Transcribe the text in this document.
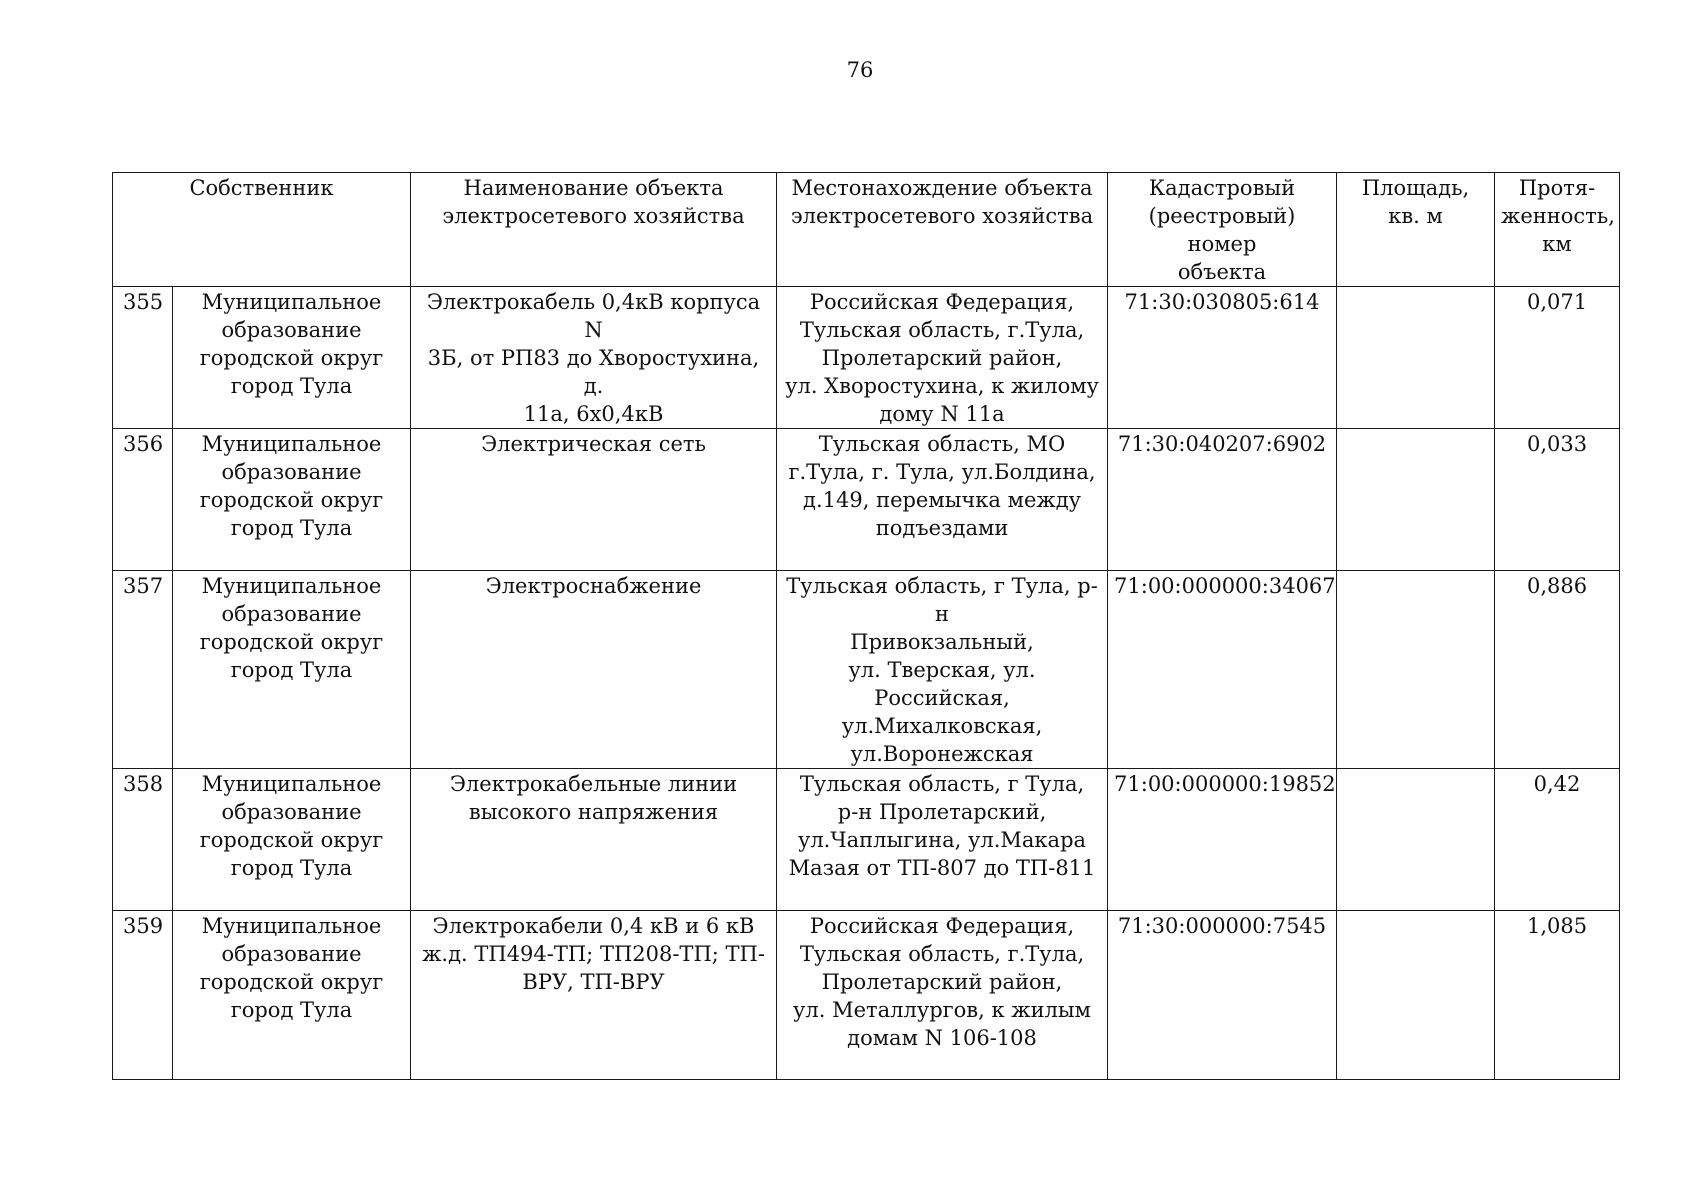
76
Собственник		Наименование объекта
электросетевого хозяйства	Местонахождение объекта
электросетевого хозяйства	Кадастровый
(реестровый) номер
объекта	Площадь,
кв. м	Протя-
женность,
км
355	Муниципальное
образование
городской округ
город Тула	Электрокабель 0,4кВ корпуса N
3Б, от РП83 до Хворостухина, д.
11а, 6х0,4кВ	Российская Федерация,
Тульская область, г.Тула,
Пролетарский район,
ул. Хворостухина, к жилому
дому N 11а	71:30:030805:614		0,071
356	Муниципальное
образование
городской округ
город Тула	Электрическая сеть	Тульская область, МО
г.Тула, г. Тула, ул.Болдина,
д.149, перемычка между
подъездами	71:30:040207:6902		0,033
357	Муниципальное
образование
городской округ
город Тула	Электроснабжение	Тульская область, г Тула, р-н
Привокзальный,
ул. Тверская, ул. Российская,
ул.Михалковская,
ул.Воронежская	71:00:000000:34067		0,886
358	Муниципальное
образование
городской округ
город Тула	Электрокабельные линии
высокого напряжения	Тульская область, г Тула,
р-н Пролетарский,
ул.Чаплыгина, ул.Макара
Мазая от ТП-807 до ТП-811	71:00:000000:19852		0,42
359	Муниципальное
образование
городской округ
город Тула	Электрокабели 0,4 кВ и 6 кВ
ж.д. ТП494-ТП; ТП208-ТП; ТП-
ВРУ, ТП-ВРУ	Российская Федерация,
Тульская область, г.Тула,
Пролетарский район,
ул. Металлургов, к жилым
домам N 106-108	71:30:000000:7545		1,085
